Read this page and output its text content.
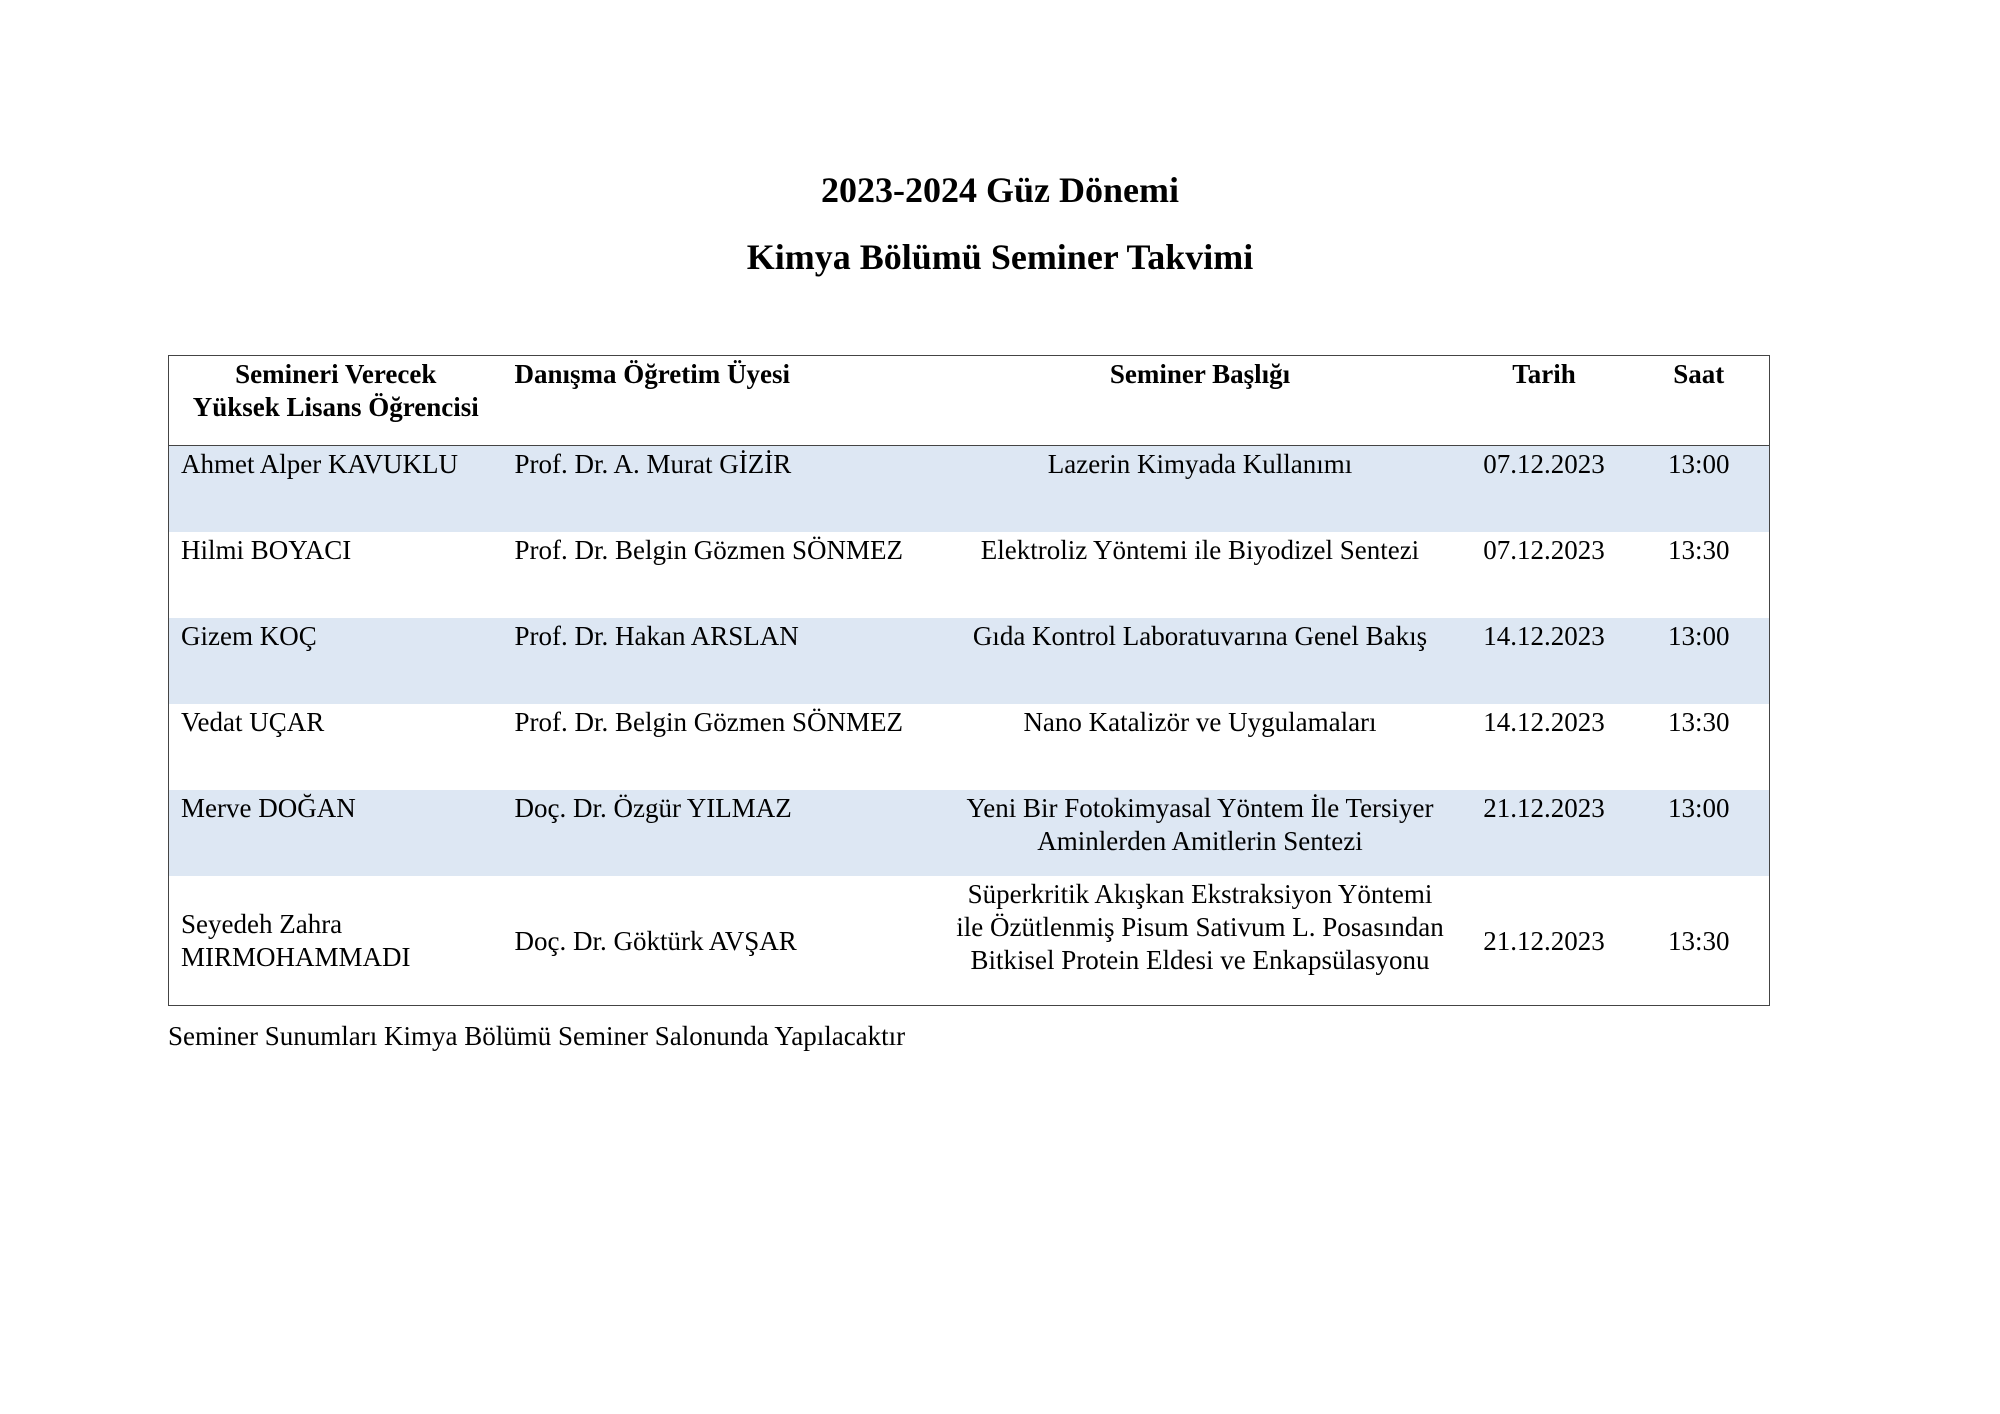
2023-2024 Güz Dönemi
Kimya Bölümü Seminer Takvimi
Semineri Verecek
Yüksek Lisans Öğrencisi	Danışma Öğretim Üyesi	Seminer Başlığı	Tarih	Saat
Ahmet Alper KAVUKLU	Prof. Dr. A. Murat GİZİR	Lazerin Kimyada Kullanımı	07.12.2023	13:00
Hilmi BOYACI	Prof. Dr. Belgin Gözmen SÖNMEZ	Elektroliz Yöntemi ile Biyodizel Sentezi	07.12.2023	13:30
Gizem KOÇ	Prof. Dr. Hakan ARSLAN	Gıda Kontrol Laboratuvarına Genel Bakış	14.12.2023	13:00
Vedat UÇAR	Prof. Dr. Belgin Gözmen SÖNMEZ	Nano Katalizör ve Uygulamaları	14.12.2023	13:30
Merve DOĞAN	Doç. Dr. Özgür YILMAZ	Yeni Bir Fotokimyasal Yöntem İle Tersiyer Aminlerden Amitlerin Sentezi	21.12.2023	13:00
Seyedeh Zahra MIRMOHAMMADI	Doç. Dr. Göktürk AVŞAR	Süperkritik Akışkan Ekstraksiyon Yöntemi ile Özütlenmiş Pisum Sativum L. Posasından Bitkisel Protein Eldesi ve Enkapsülasyonu	21.12.2023	13:30
Seminer Sunumları Kimya Bölümü Seminer Salonunda Yapılacaktır
